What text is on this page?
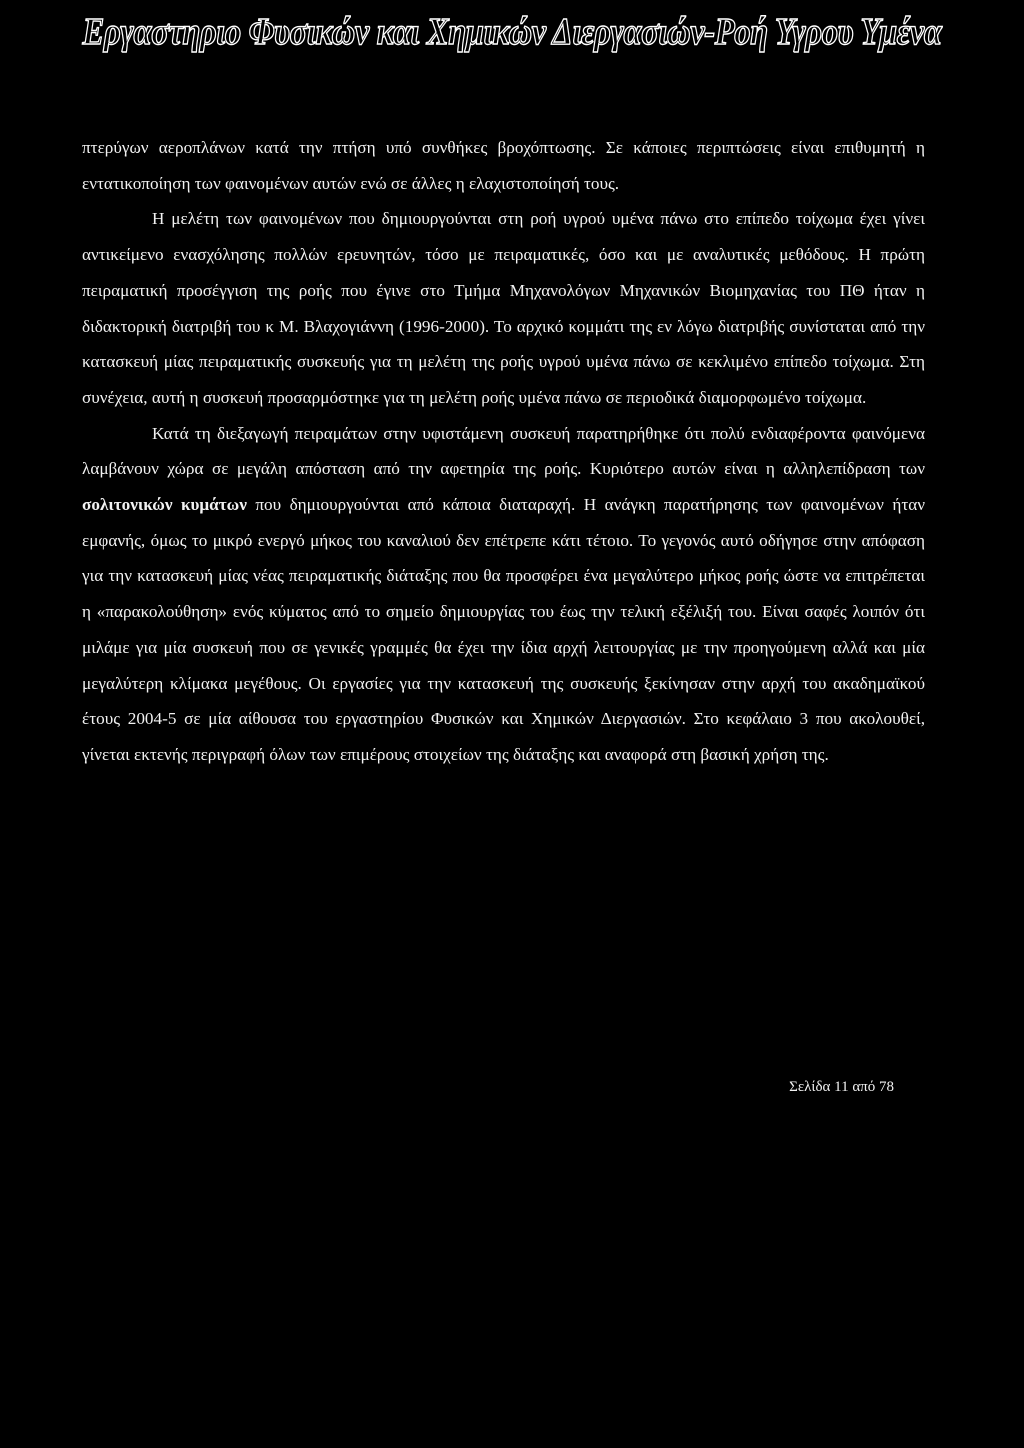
Εργαστηριο Φυσικών και Χημικών Διεργασιών-Ροή Υγρου Υμένα

πτερύγων αεροπλάνων κατά την πτήση υπό συνθήκες βροχόπτωσης. Σε κάποιες περιπτώσεις είναι επιθυμητή η εντατικοποίηση των φαινομένων αυτών ενώ σε άλλες η ελαχιστοποίησή τους.

Η μελέτη των φαινομένων που δημιουργούνται στη ροή υγρού υμένα πάνω στο επίπεδο τοίχωμα έχει γίνει αντικείμενο ενασχόλησης πολλών ερευνητών, τόσο με πειραματικές, όσο και με αναλυτικές μεθόδους. Η πρώτη πειραματική προσέγγιση της ροής που έγινε στο Τμήμα Μηχανολόγων Μηχανικών Βιομηχανίας του ΠΘ ήταν η διδακτορική διατριβή του κ Μ. Βλαχογιάννη (1996-2000). Το αρχικό κομμάτι της εν λόγω διατριβής συνίσταται από την κατασκευή μίας πειραματικής συσκευής για τη μελέτη της ροής υγρού υμένα πάνω σε κεκλιμένο επίπεδο τοίχωμα. Στη συνέχεια, αυτή η συσκευή προσαρμόστηκε για τη μελέτη ροής υμένα πάνω σε περιοδικά διαμορφωμένο τοίχωμα.

Κατά τη διεξαγωγή πειραμάτων στην υφιστάμενη συσκευή παρατηρήθηκε ότι πολύ ενδιαφέροντα φαινόμενα λαμβάνουν χώρα σε μεγάλη απόσταση από την αφετηρία της ροής. Κυριότερο αυτών είναι η αλληλεπίδραση των σολιτονικών κυμάτων που δημιουργούνται από κάποια διαταραχή. Η ανάγκη παρατήρησης των φαινομένων ήταν εμφανής, όμως το μικρό ενεργό μήκος του καναλιού δεν επέτρεπε κάτι τέτοιο. Το γεγονός αυτό οδήγησε στην απόφαση για την κατασκευή μίας νέας πειραματικής διάταξης που θα προσφέρει ένα μεγαλύτερο μήκος ροής ώστε να επιτρέπεται η «παρακολούθηση» ενός κύματος από το σημείο δημιουργίας του έως την τελική εξέλιξή του. Είναι σαφές λοιπόν ότι μιλάμε για μία συσκευή που σε γενικές γραμμές θα έχει την ίδια αρχή λειτουργίας με την προηγούμενη αλλά και μία μεγαλύτερη κλίμακα μεγέθους. Οι εργασίες για την κατασκευή της συσκευής ξεκίνησαν στην αρχή του ακαδημαϊκού έτους 2004-5 σε μία αίθουσα του εργαστηρίου Φυσικών και Χημικών Διεργασιών. Στο κεφάλαιο 3 που ακολουθεί, γίνεται εκτενής περιγραφή όλων των επιμέρους στοιχείων της διάταξης και αναφορά στη βασική χρήση της.

Σελίδα 11 από 78
